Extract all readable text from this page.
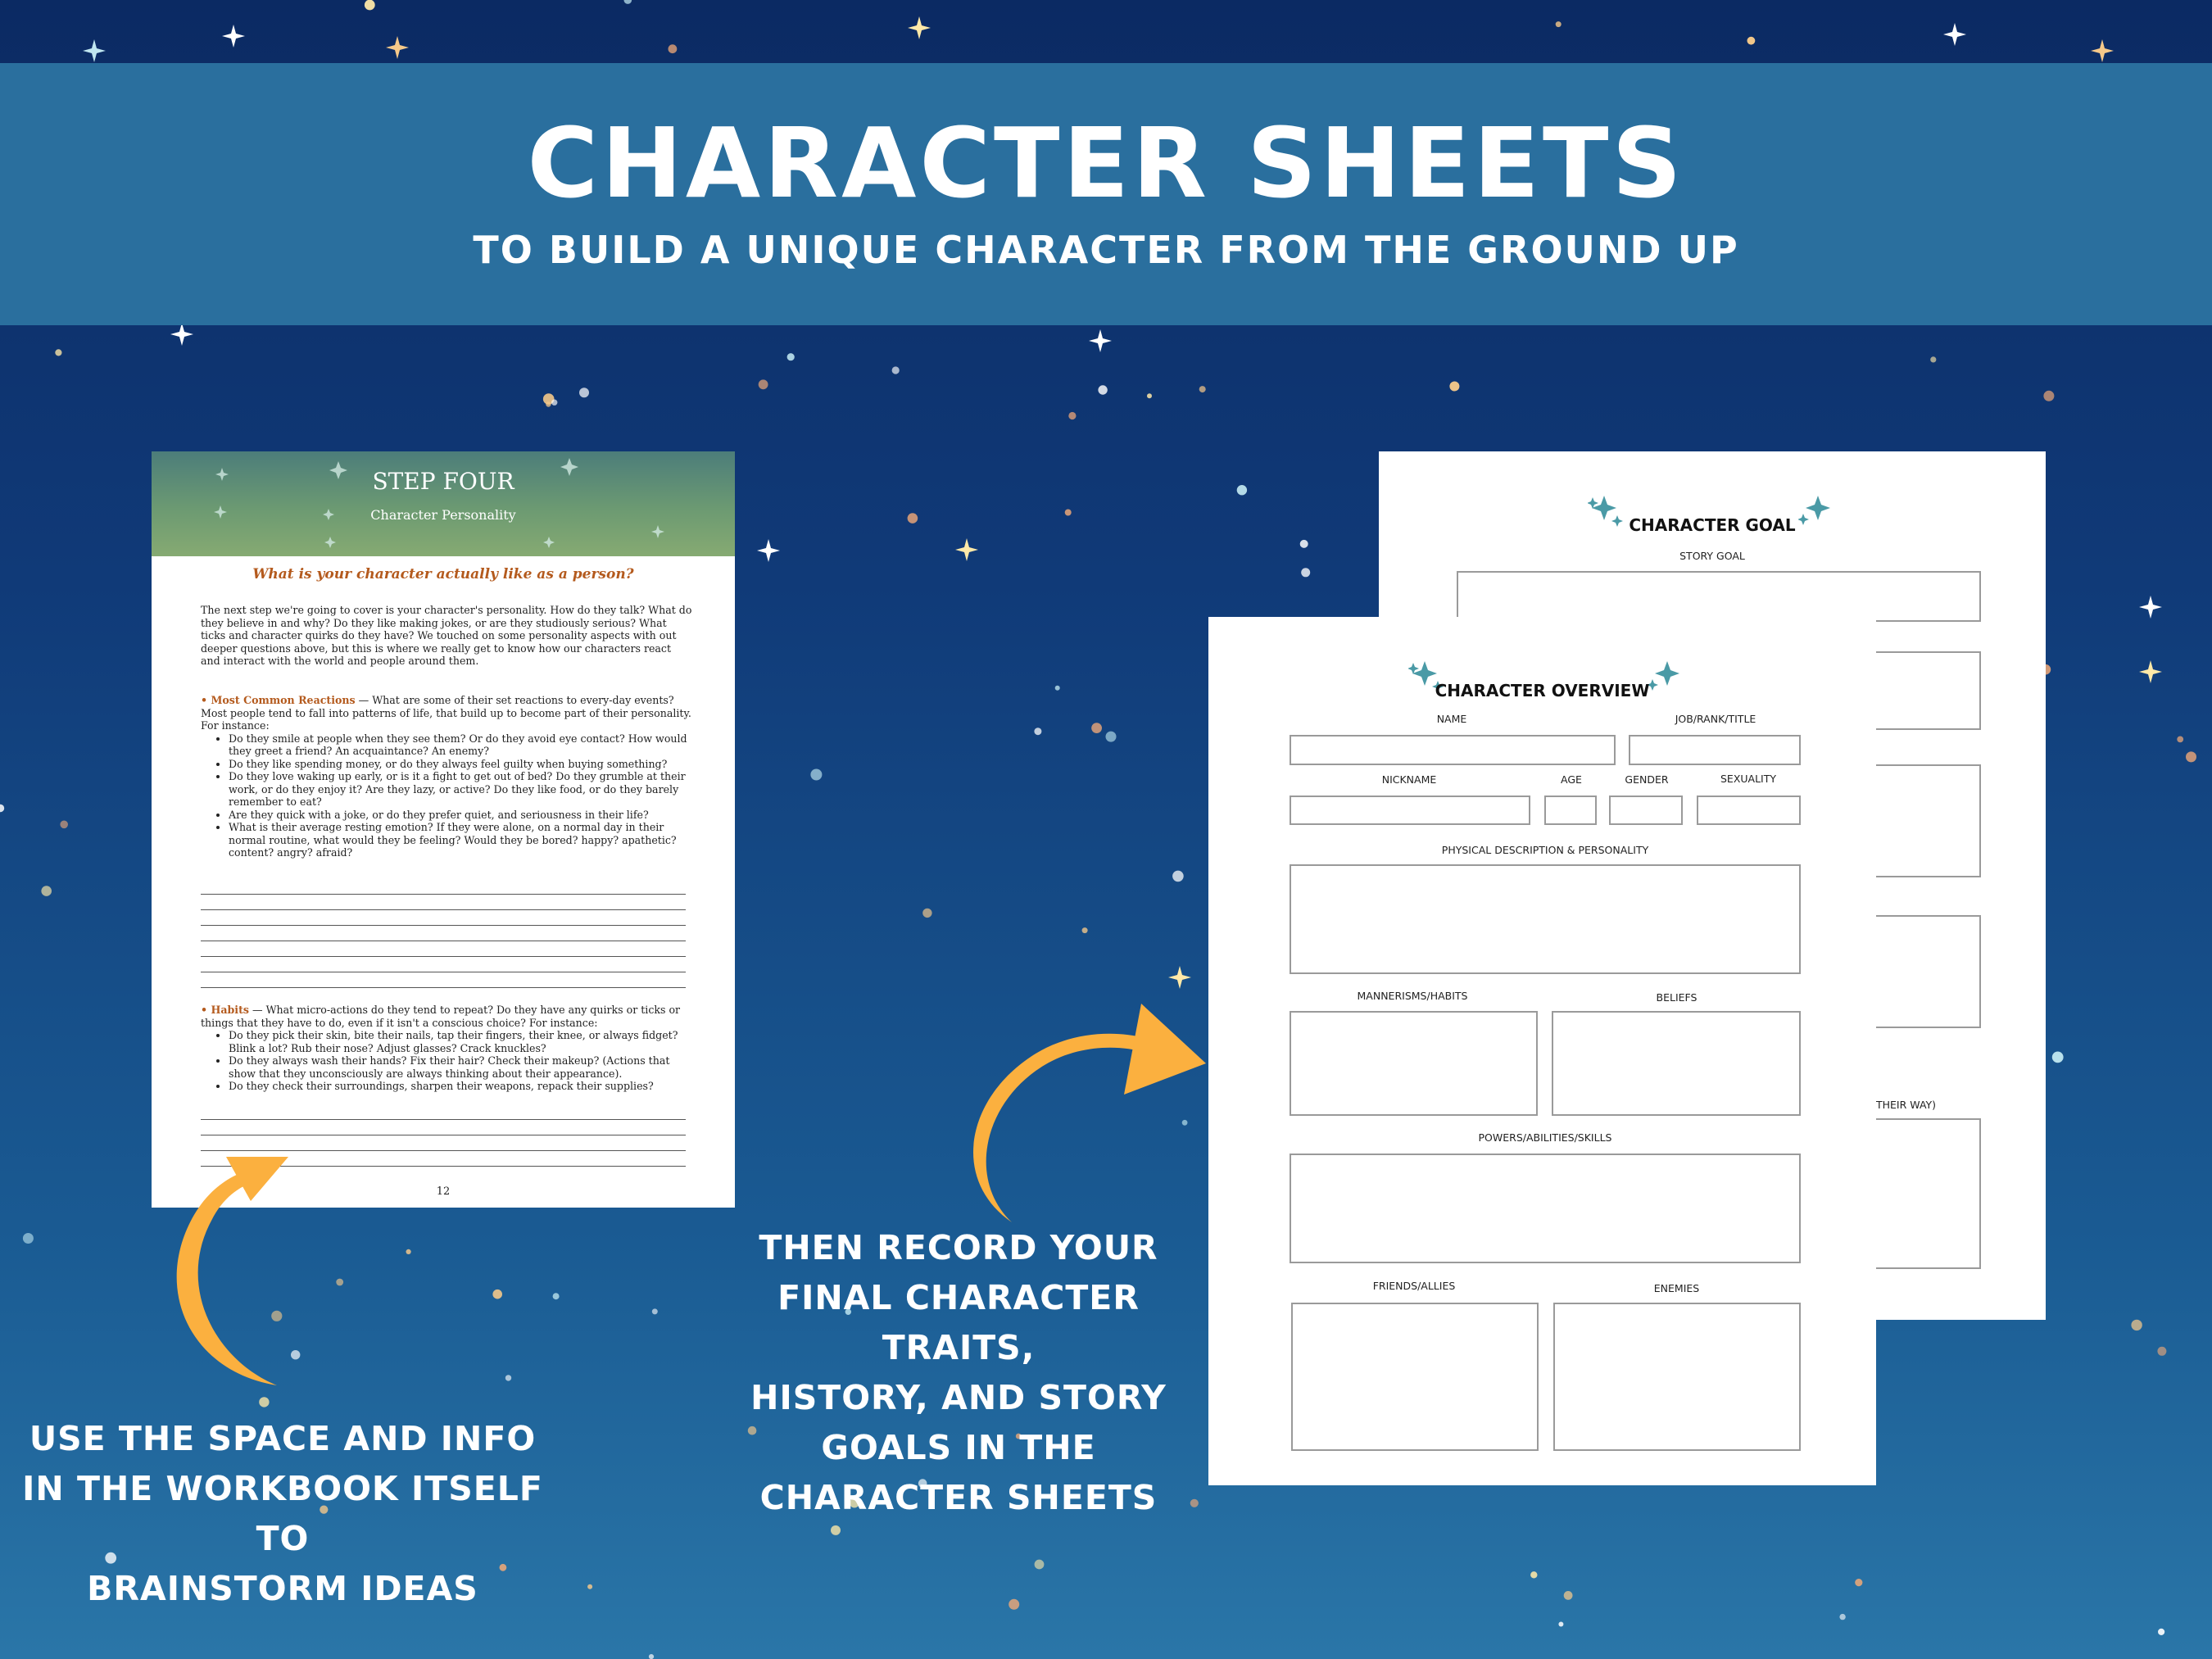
CHARACTER SHEETS
TO BUILD A UNIQUE CHARACTER FROM THE GROUND UP
STEP FOUR
Character Personality
What is your character actually like as a person?
The next step we're going to cover is your character's personality. How do they talk? What do they believe in and why? Do they like making jokes, or are they studiously serious? What ticks and character quirks do they have? We touched on some personality aspects with out deeper questions above, but this is where we really get to know how our characters react and interact with the world and people around them.
• Most Common Reactions — What are some of their set reactions to every-day events? Most people tend to fall into patterns of life, that build up to become part of their personality. For instance:
• Do they smile at people when they see them? Or do they avoid eye contact? How would they greet a friend? An acquaintance? An enemy?
• Do they like spending money, or do they always feel guilty when buying something?
• Do they love waking up early, or is it a fight to get out of bed? Do they grumble at their work, or do they enjoy it? Are they lazy, or active? Do they like food, or do they barely remember to eat?
• Are they quick with a joke, or do they prefer quiet, and seriousness in their life?
• What is their average resting emotion? If they were alone, on a normal day in their normal routine, what would they be feeling? Would they be bored? happy? apathetic? content? angry? afraid?
• Habits — What micro-actions do they tend to repeat? Do they have any quirks or ticks or things that they have to do, even if it isn't a conscious choice? For instance:
• Do they pick their skin, bite their nails, tap their fingers, their knee, or always fidget? Blink a lot? Rub their nose? Adjust glasses? Crack knuckles?
• Do they always wash their hands? Fix their hair? Check their makeup? (Actions that show that they unconsciously are always thinking about their appearance).
• Do they check their surroundings, sharpen their weapons, repack their supplies?
12
CHARACTER GOAL
STORY GOAL
THEIR WAY)
CHARACTER OVERVIEW
NAME	JOB/RANK/TITLE
NICKNAME	AGE	GENDER	SEXUALITY
PHYSICAL DESCRIPTION & PERSONALITY
MANNERISMS/HABITS	BELIEFS
POWERS/ABILITIES/SKILLS
FRIENDS/ALLIES	ENEMIES
USE THE SPACE AND INFO
IN THE WORKBOOK ITSELF TO
BRAINSTORM IDEAS
THEN RECORD YOUR
FINAL CHARACTER TRAITS,
HISTORY, AND STORY
GOALS IN THE
CHARACTER SHEETS
